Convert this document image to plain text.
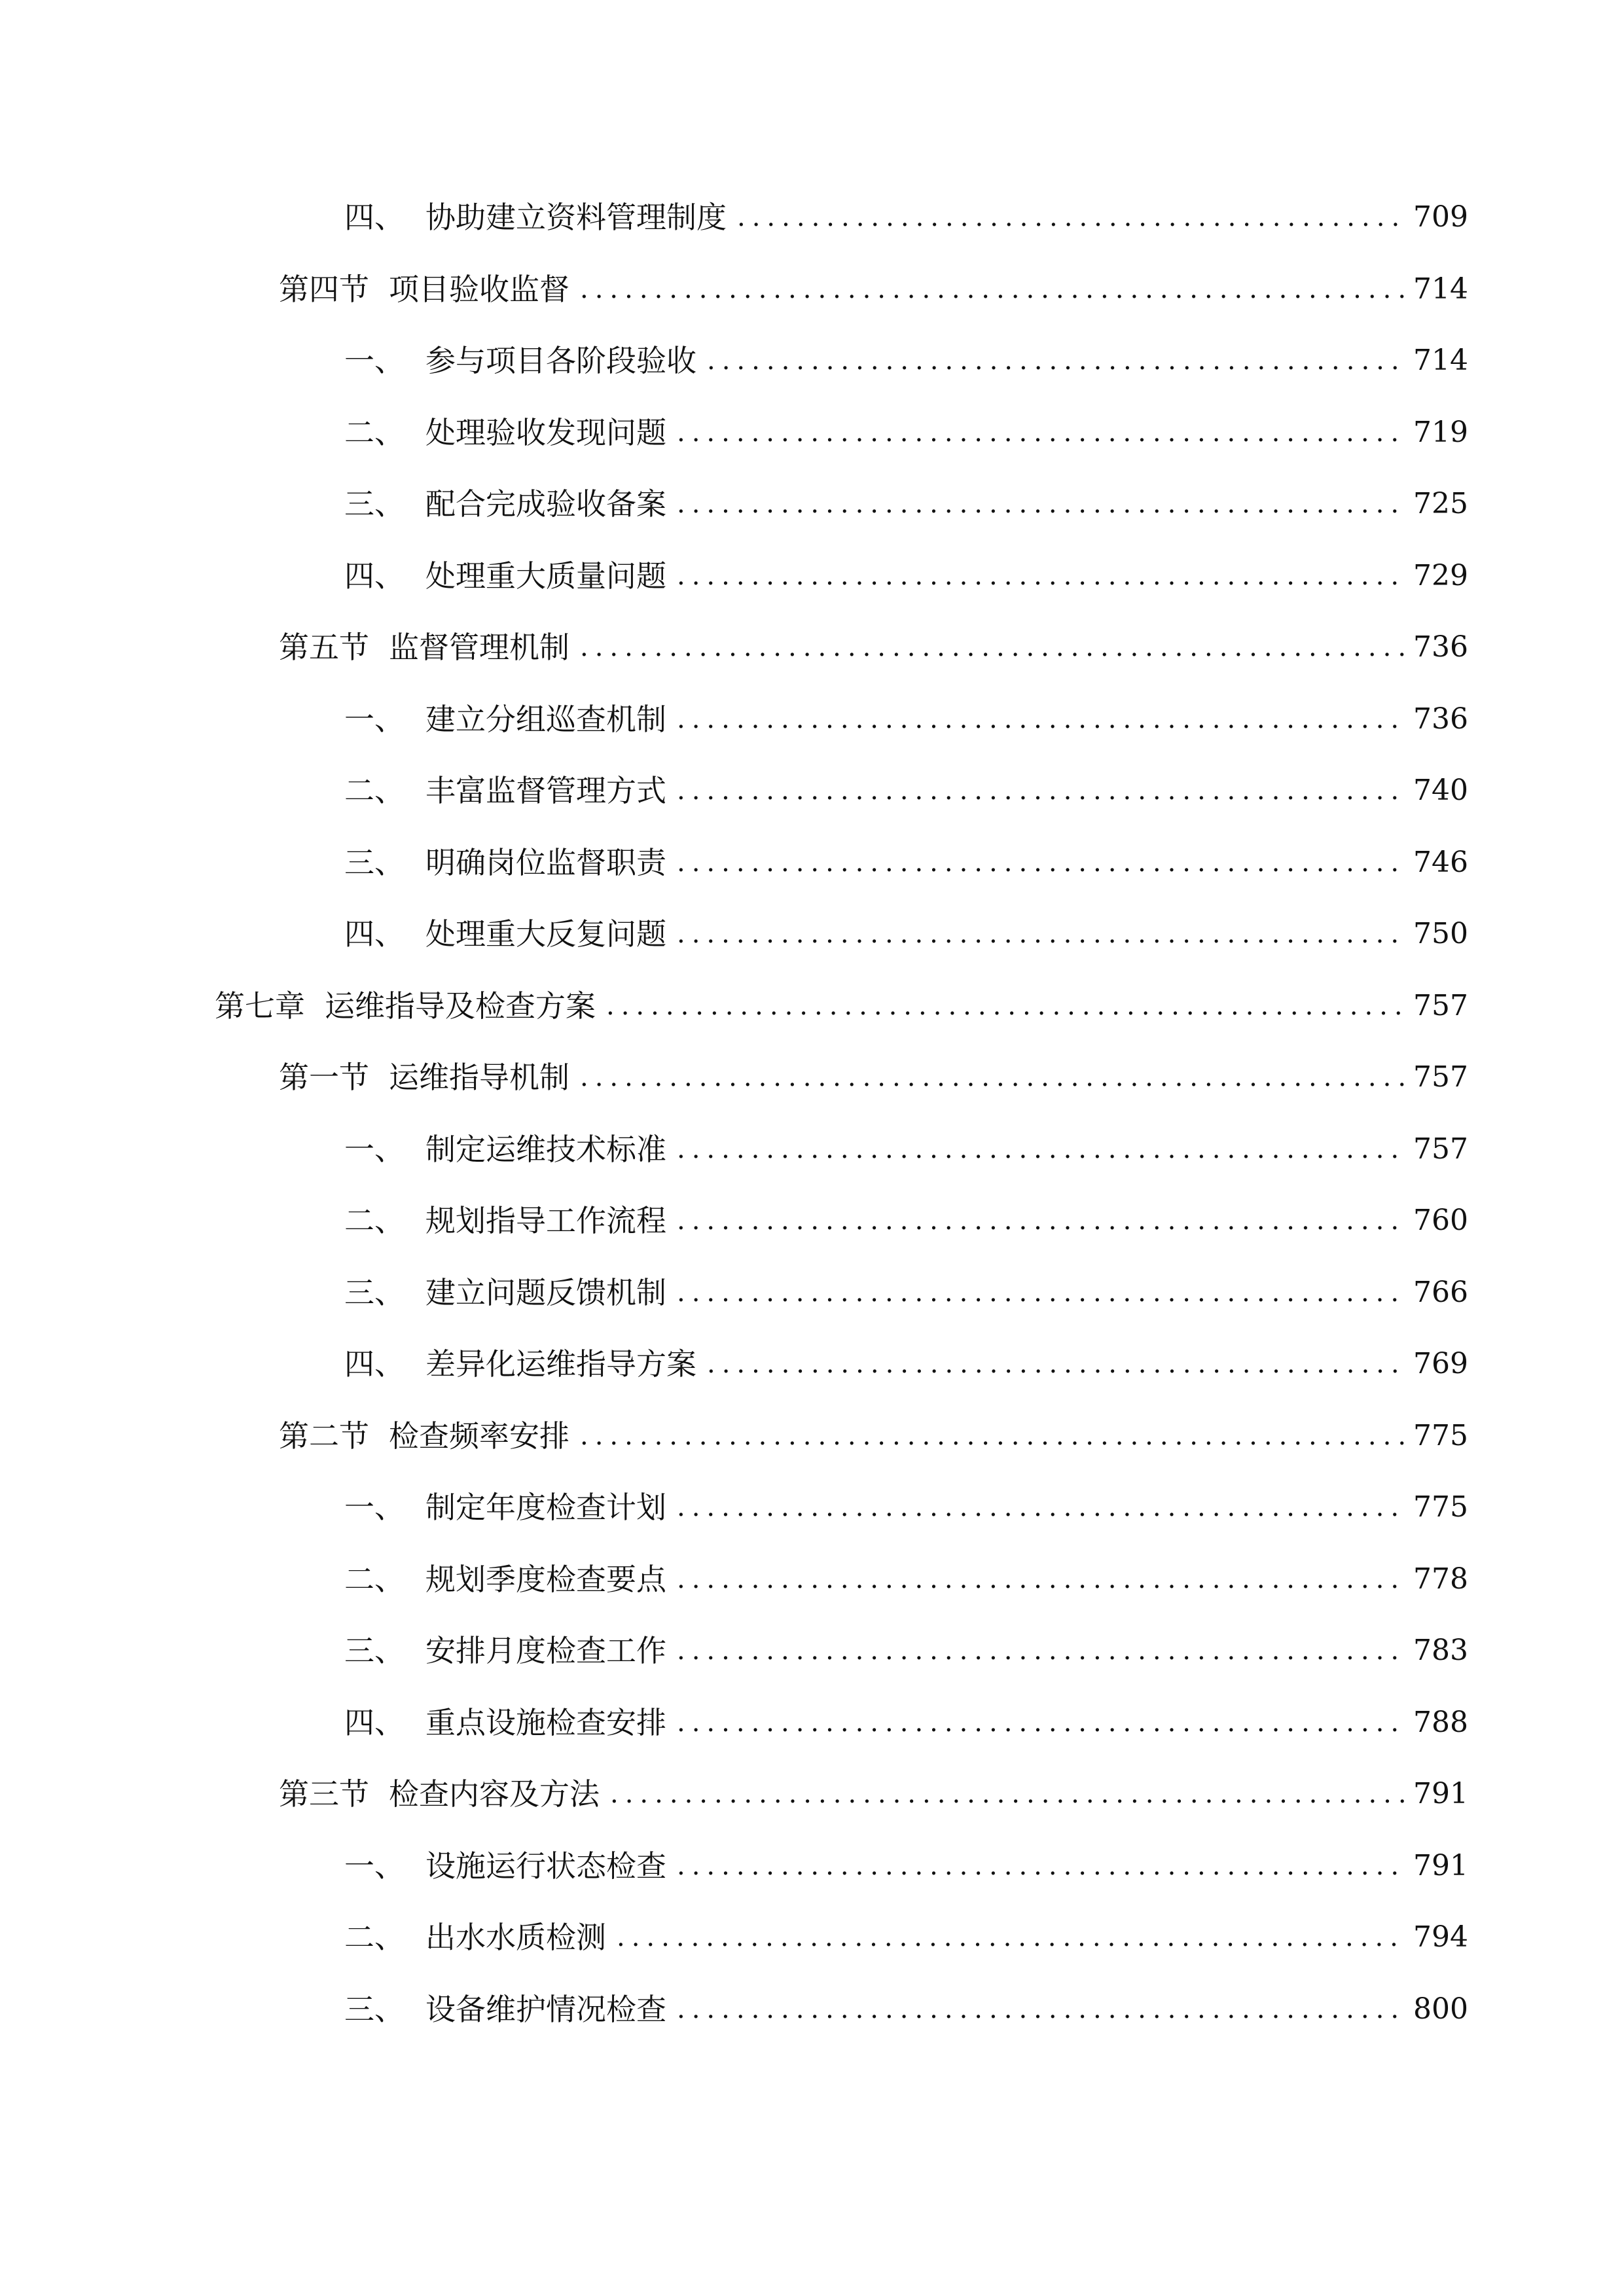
四、 协助建立资料管理制度 .....	709
第四节 项目验收监督 .....	714
一、 参与项目各阶段验收 .....	714
二、 处理验收发现问题 .....	719
三、 配合完成验收备案 .....	725
四、 处理重大质量问题 .....	729
第五节 监督管理机制 .....	736
一、 建立分组巡查机制 .....	736
二、 丰富监督管理方式 .....	740
三、 明确岗位监督职责 .....	746
四、 处理重大反复问题 .....	750
第七章 运维指导及检查方案 .....	757
第一节 运维指导机制 .....	757
一、 制定运维技术标准 .....	757
二、 规划指导工作流程 .....	760
三、 建立问题反馈机制 .....	766
四、 差异化运维指导方案 .....	769
第二节 检查频率安排 .....	775
一、 制定年度检查计划 .....	775
二、 规划季度检查要点 .....	778
三、 安排月度检查工作 .....	783
四、 重点设施检查安排 .....	788
第三节 检查内容及方法 .....	791
一、 设施运行状态检查 .....	791
二、 出水水质检测 .....	794
三、 设备维护情况检查 .....	800
